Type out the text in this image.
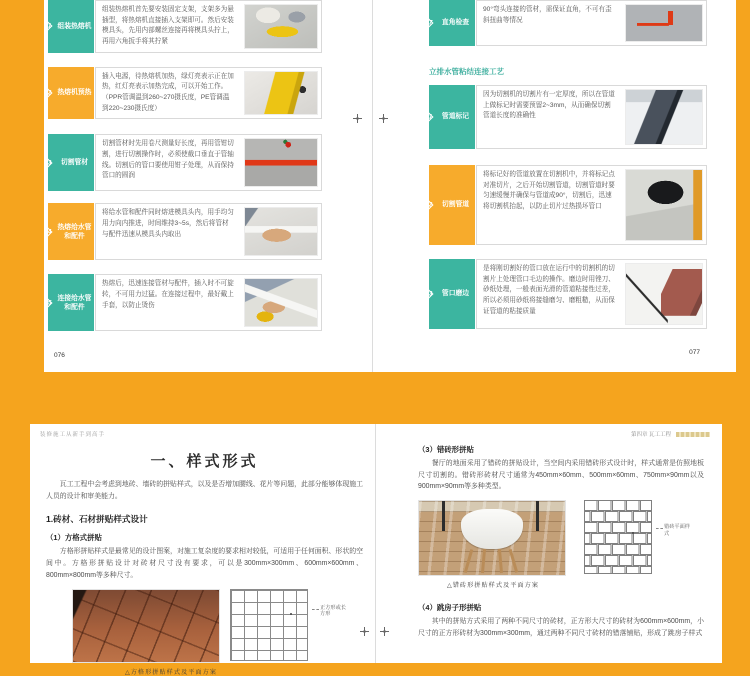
1 组装热熔机
组装热熔机首先要安装固定支架，支架多为悬插型，将热熔机直接插入支架即可。然后安装模具头，先用内部螺丝连接再将模具头拧上，再用六角扳手将其拧紧
2 热熔机预热
插入电源，待热熔机加热，绿灯亮表示正在加热，红灯亮表示加热完成，可以开始工作。（PPR管调温到260~270摄氏度，PE管调温到220~230摄氏度）
3	切割管材
切割管材时先用卷尺测量好长度，再用管钳切割，进行切割操作时，必须使截口垂直于管轴线。切割后的管口要使用钳子处理，从而保持管口的圆润
4
热熔给水管和配件
将给水管和配件同时熔进模具头内，用手均匀用力向内推进，时间维持3~5s，然后将管材与配件迅速从模具头内取出
5
连接给水管和配件
热熔后，迅速连接管材与配件，插入时不可旋转，不可用力过猛。在连接过程中，最好戴上手套，以防止烫伤
076
7	直角检查
90°弯头连接的管材，需保证直角，不可有歪斜扭曲等情况
立排水管粘结连接工艺
1	管道标记
因为切割机的切割片有一定厚度，所以在管道上做标记时需要预留2~3mm，从而确保切割管道长度的准确性
2	切割管道
将标记好的管道放置在切割机中，并将标记点对准切片，之后开始切割管道，切割管道时要匀速缓慢并确保与管道成90°，切割后，迅速将切割机抬起，以防止切片过热损坏管口
3	管口磨边
是将刚切割好的管口放在运行中的切割机的切割片上处理管口毛边的操作。磨边时用锉刀、砂纸处理，一般表面光滑的管道粘接性过差，所以必须用砂纸将接缝磨匀、磨粗糙，从而保证管道的粘接质量
077
装修施工从新手到高手
一、样式形式
瓦工工程中会考虑到地砖、墙砖的拼贴样式，以及是否增加腰线、花片等问题，此部分能够体现施工人员的设计和审美能力。
1.砖材、石材拼贴样式设计
（1）方格式拼贴
方格形拼贴样式是最常见的设计图案，对施工复杂度的要求相对较低，可适用于任何面积、形状的空间中。方格形拼贴设计对砖材尺寸没有要求，可以是300mm×300mm、600mm×600mm、800mm×800mm等多种尺寸。
正方形或长方形
△方格形拼贴样式及平面方案
第四章 瓦工工程
（3）错砖形拼贴
餐厅的地面采用了错砖的拼贴设计，当空间内采用错砖形式设计时，样式通常是仿照地板尺寸切割的。错砖形砖材尺寸通常为450mm×60mm、500mm×60mm、750mm×90mm以及900mm×90mm等多种类型。
错砖平面样式
△错砖形拼贴样式及平面方案
（4）跳房子形拼贴
其中的拼贴方式采用了两种不同尺寸的砖材，正方形大尺寸的砖材为600mm×600mm，小尺寸的正方形砖材为300mm×300mm，通过两种不同尺寸砖材的错落铺贴，形成了跳房子样式
